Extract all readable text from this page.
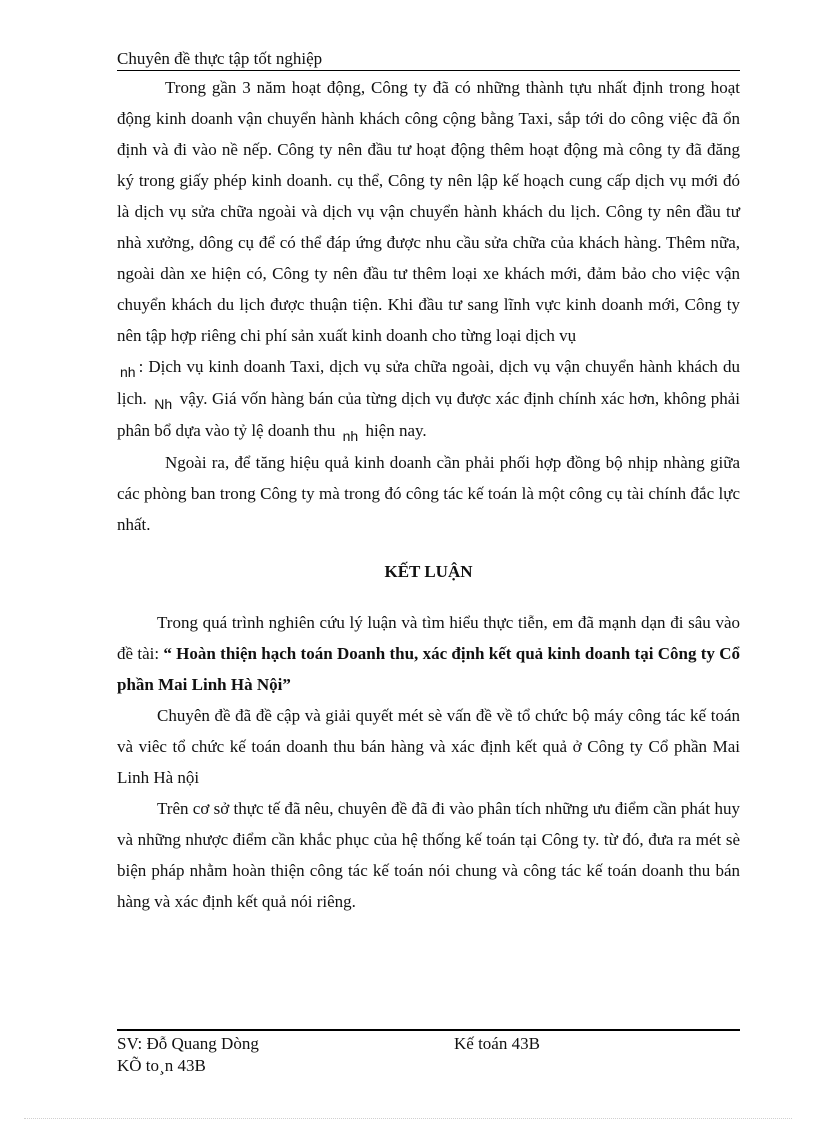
Chuyên đề thực tập tốt nghiệp

Trong gần 3 năm hoạt động, Công ty đã có những thành tựu nhất định trong hoạt động kinh doanh vận chuyển hành khách công cộng bằng Taxi, sắp tới do công việc đã ổn định và đi vào nề nếp. Công ty nên đầu tư hoạt động thêm hoạt động mà công ty đã đăng ký trong giấy phép kinh doanh. cụ thể, Công ty nên lập kế hoạch cung cấp dịch vụ mới đó là dịch vụ sửa chữa ngoài và dịch vụ vận chuyển hành khách du lịch. Công ty nên đầu tư nhà xưởng, dông cụ để có thể đáp ứng được nhu cầu sửa chữa của khách hàng. Thêm nữa, ngoài dàn xe hiện có, Công ty nên đầu tư thêm loại xe khách mới, đảm bảo cho việc vận chuyển khách du lịch được thuận tiện. Khi đầu tư sang lĩnh vực kinh doanh mới, Công ty nên tập hợp riêng chi phí sản xuất kinh doanh cho từng loại dịch vụ
$_{nh}$ : Dịch vụ kinh doanh Taxi, dịch vụ sửa chữa ngoài, dịch vụ vận chuyển hành khách du lịch. $_{Nh}$ vậy. Giá vốn hàng bán của từng dịch vụ được xác định chính xác hơn, không phải phân bổ dựa vào tỷ lệ doanh thu $_{nh}$ hiện nay.

Ngoài ra, để tăng hiệu quả kinh doanh cần phải phối hợp đồng bộ nhịp nhàng giữa các phòng ban trong Công ty mà trong đó công tác kế toán là một công cụ tài chính đắc lực nhất.

KẾT LUẬN

Trong quá trình nghiên cứu lý luận và tìm hiểu thực tiễn, em đã mạnh dạn đi sâu vào đề tài: “ Hoàn thiện hạch toán Doanh thu, xác định kết quả kinh doanh tại Công ty Cổ phần Mai Linh Hà Nội”

Chuyên đề đã đề cập và giải quyết mét sè vấn đề về tổ chức bộ máy công tác kế toán và viêc tổ chức kế toán doanh thu bán hàng và xác định kết quả ở Công ty Cổ phần Mai Linh Hà nội

Trên cơ sở thực tế đã nêu, chuyên đề đã đi vào phân tích những ưu điểm cần phát huy và những nhược điểm cần khắc phục của hệ thống kế toán tại Công ty. từ đó, đưa ra mét sè biện pháp nhằm hoàn thiện công tác kế toán nói chung và công tác kế toán doanh thu bán hàng và xác định kết quả nói riêng.

SV: Đỗ Quang Dòng	Kế toán 43B
KÕ to¸n 43B
